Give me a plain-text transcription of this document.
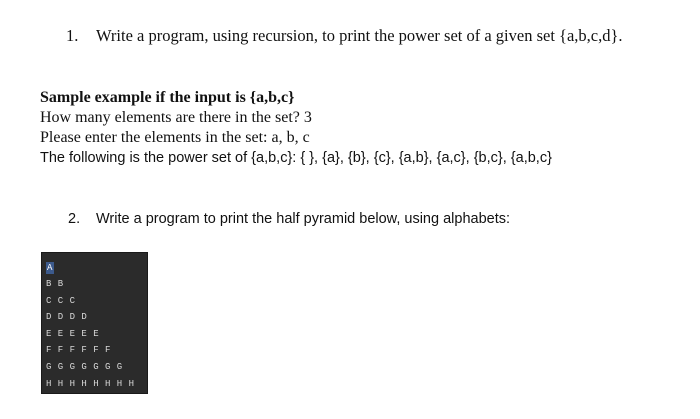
1. Write a program, using recursion, to print the power set of a given set {a,b,c,d}.
Sample example if the input is {a,b,c}
How many elements are there in the set? 3
Please enter the elements in the set: a, b, c
The following is the power set of {a,b,c}: { }, {a}, {b}, {c}, {a,b}, {a,c}, {b,c}, {a,b,c}
2. Write a program to print the half pyramid below, using alphabets:
A
B B
C C C
D D D D
E E E E E
F F F F F F
G G G G G G G
H H H H H H H H
